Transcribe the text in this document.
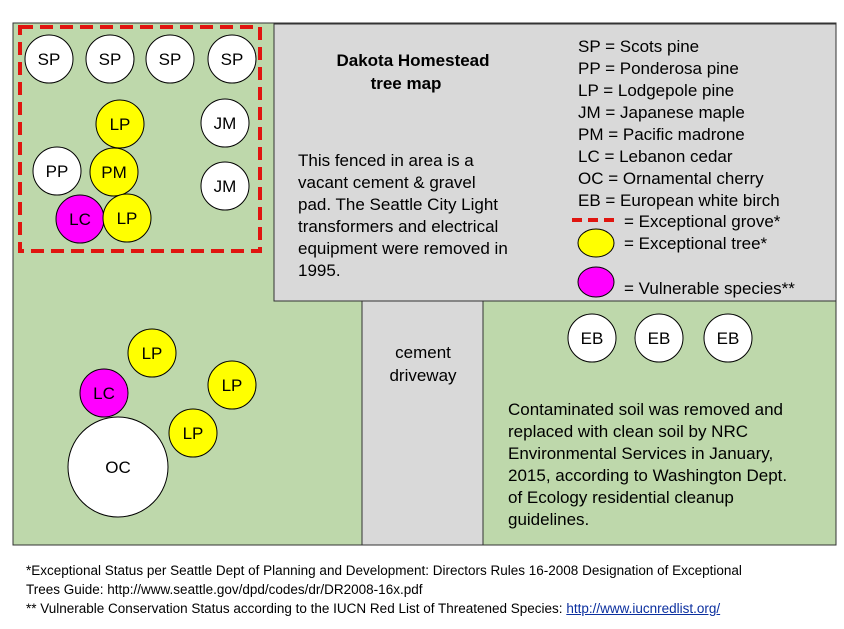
Dakota Homestead
tree map
This fenced in area is a
vacant cement & gravel
pad. The Seattle City Light
transformers and electrical
equipment were removed in
1995.
SP = Scots pine
PP = Ponderosa pine
LP = Lodgepole pine
JM = Japanese maple
PM = Pacific madrone
LC = Lebanon cedar
OC = Ornamental cherry
EB = European white birch
= Exceptional grove*
= Exceptional tree*
= Vulnerable species**
cement
driveway
Contaminated soil was removed and
replaced with clean soil by NRC
Environmental Services in January,
2015, according to Washington Dept.
of Ecology residential cleanup
guidelines.
SP SP SP SP
LP	JM
PP PM
JM
LC LP
LP
LC	LP
LP
OC
EB	EB	EB
*Exceptional Status per Seattle Dept of Planning and Development: Directors Rules 16-2008 Designation of Exceptional
Trees Guide: http://www.seattle.gov/dpd/codes/dr/DR2008-16x.pdf
** Vulnerable Conservation Status according to the IUCN Red List of Threatened Species: http://www.iucnredlist.org/
